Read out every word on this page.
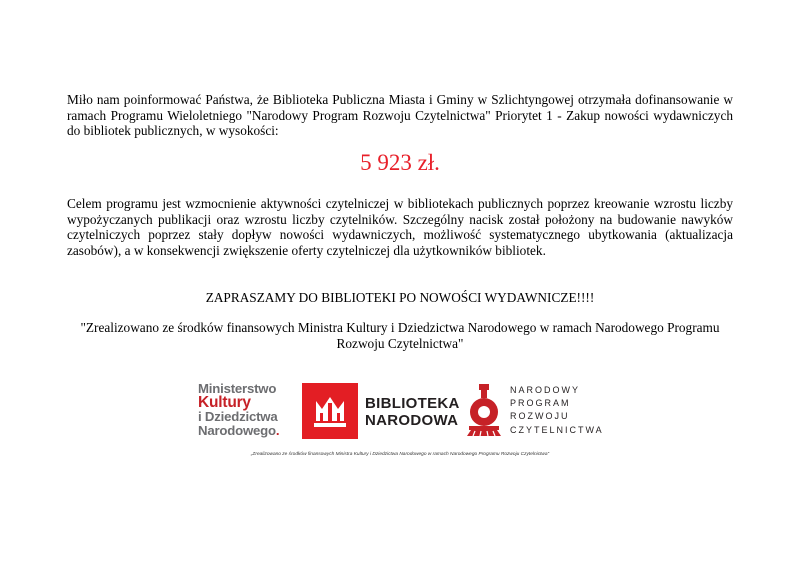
Miło nam poinformować Państwa, że Biblioteka Publiczna Miasta i Gminy w Szlichtyngowej otrzymała dofinansowanie w ramach Programu Wieloletniego "Narodowy Program Rozwoju Czytelnictwa" Priorytet 1 - Zakup nowości wydawniczych do bibliotek publicznych, w wysokości:

5 923 zł.

Celem programu jest wzmocnienie aktywności czytelniczej w bibliotekach publicznych poprzez kreowanie wzrostu liczby wypożyczanych publikacji oraz wzrostu liczby czytelników. Szczególny nacisk został położony na budowanie nawyków czytelniczych poprzez stały dopływ nowości wydawniczych, możliwość systematycznego ubytkowania (aktualizacja zasobów), a w konsekwencji zwiększenie oferty czytelniczej dla użytkowników bibliotek.

ZAPRASZAMY DO BIBLIOTEKI PO NOWOŚCI WYDAWNICZE!!!!

"Zrealizowano ze środków finansowych Ministra Kultury i Dziedzictwa Narodowego w ramach Narodowego Programu Rozwoju Czytelnictwa"

Ministerstwo
Kultury
i Dziedzictwa
Narodowego.
BIBLIOTEKA
NARODOWA
NARODOWY
PROGRAM
ROZWOJU
CZYTELNICTWA
„Zrealizowano ze środków finansowych Ministra Kultury i Dziedzictwa Narodowego w ramach Narodowego Programu Rozwoju Czytelnictwa”
